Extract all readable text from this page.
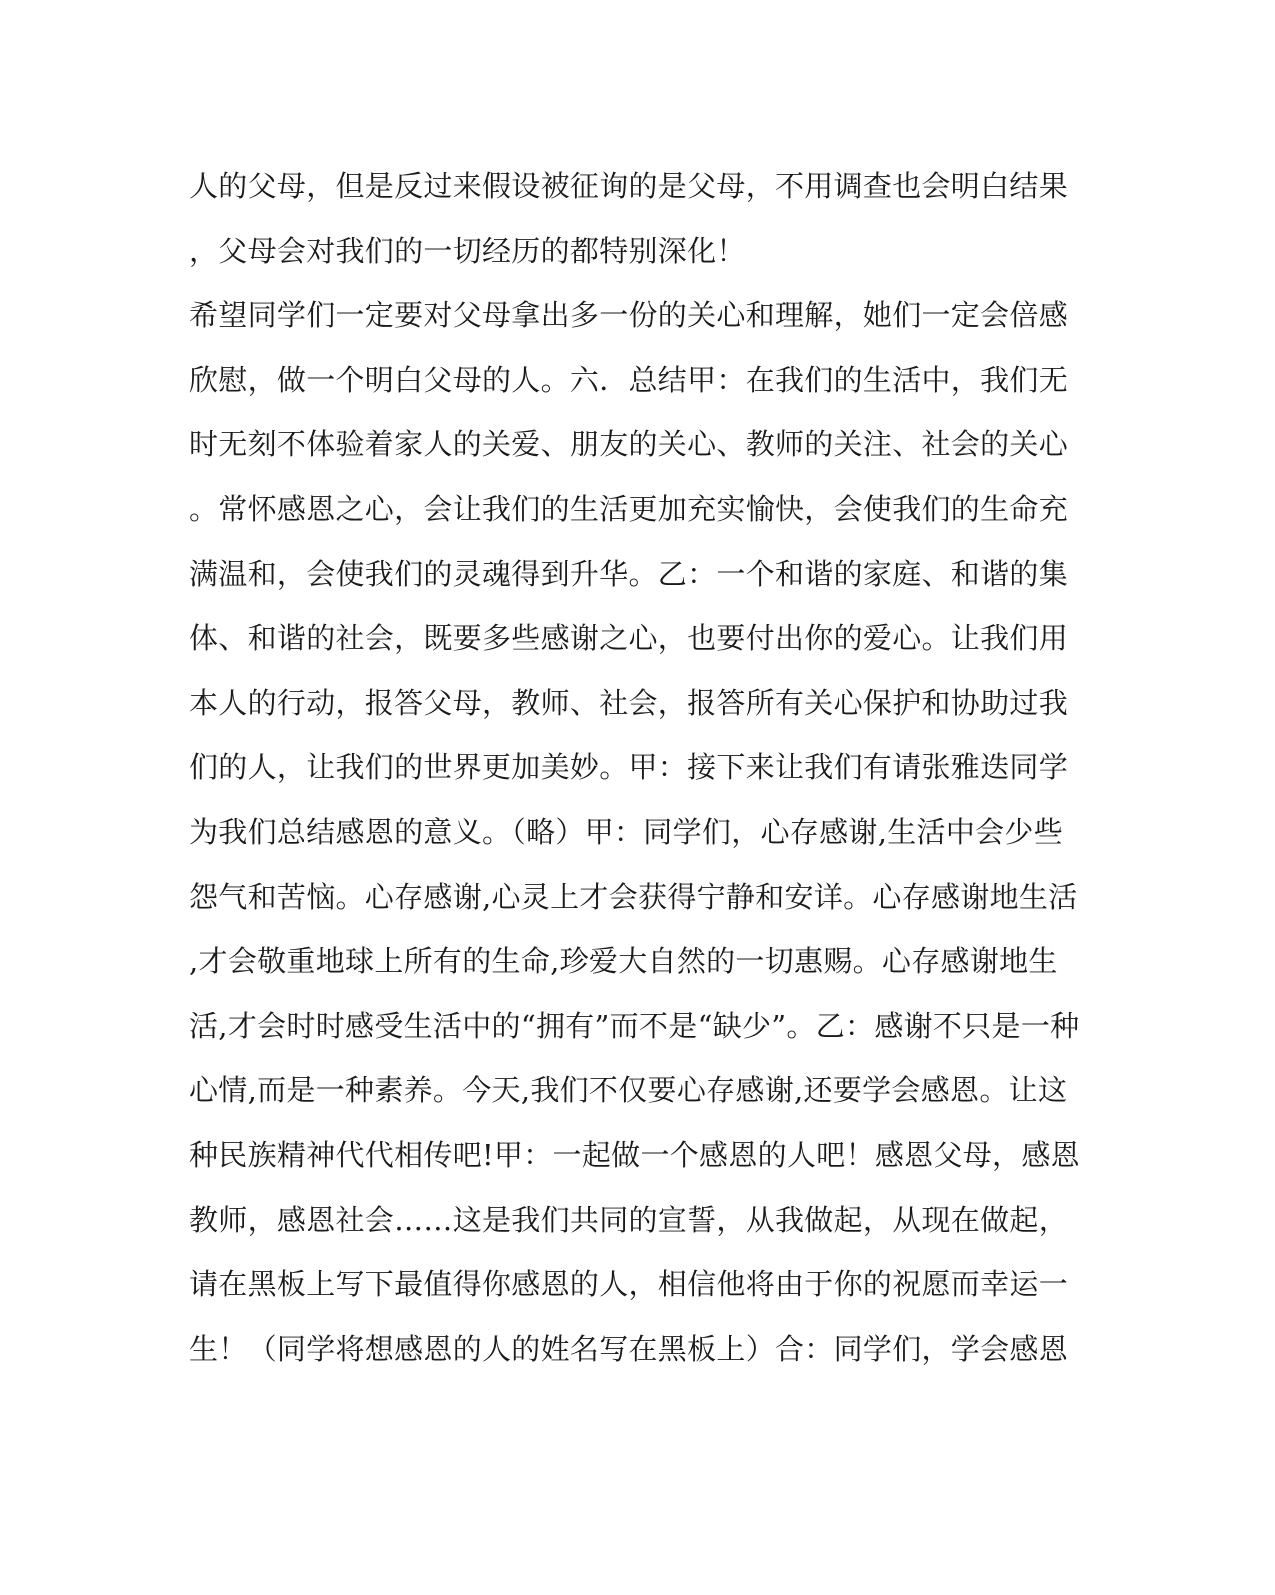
人的父母，但是反过来假设被征询的是父母，不用调查也会明白结果
，父母会对我们的一切经历的都特别深化！
希望同学们一定要对父母拿出多一份的关心和理解，她们一定会倍感
欣慰，做一个明白父母的人。六．总结甲：在我们的生活中，我们无
时无刻不体验着家人的关爱、朋友的关心、教师的关注、社会的关心
。常怀感恩之心，会让我们的生活更加充实愉快，会使我们的生命充
满温和，会使我们的灵魂得到升华。乙：一个和谐的家庭、和谐的集
体、和谐的社会，既要多些感谢之心，也要付出你的爱心。让我们用
本人的行动，报答父母，教师、社会，报答所有关心保护和协助过我
们的人，让我们的世界更加美妙。甲：接下来让我们有请张雅迭同学
为我们总结感恩的意义。（略）甲：同学们，心存感谢,生活中会少些
怨气和苦恼。心存感谢,心灵上才会获得宁静和安详。心存感谢地生活
,才会敬重地球上所有的生命,珍爱大自然的一切惠赐。心存感谢地生
活,才会时时感受生活中的“拥有”而不是“缺少”。乙：感谢不只是一种
心情,而是一种素养。今天,我们不仅要心存感谢,还要学会感恩。让这
种民族精神代代相传吧!甲：一起做一个感恩的人吧！感恩父母，感恩
教师，感恩社会……这是我们共同的宣誓，从我做起，从现在做起，
请在黑板上写下最值得你感恩的人，相信他将由于你的祝愿而幸运一
生！（同学将想感恩的人的姓名写在黑板上）合：同学们，学会感恩
